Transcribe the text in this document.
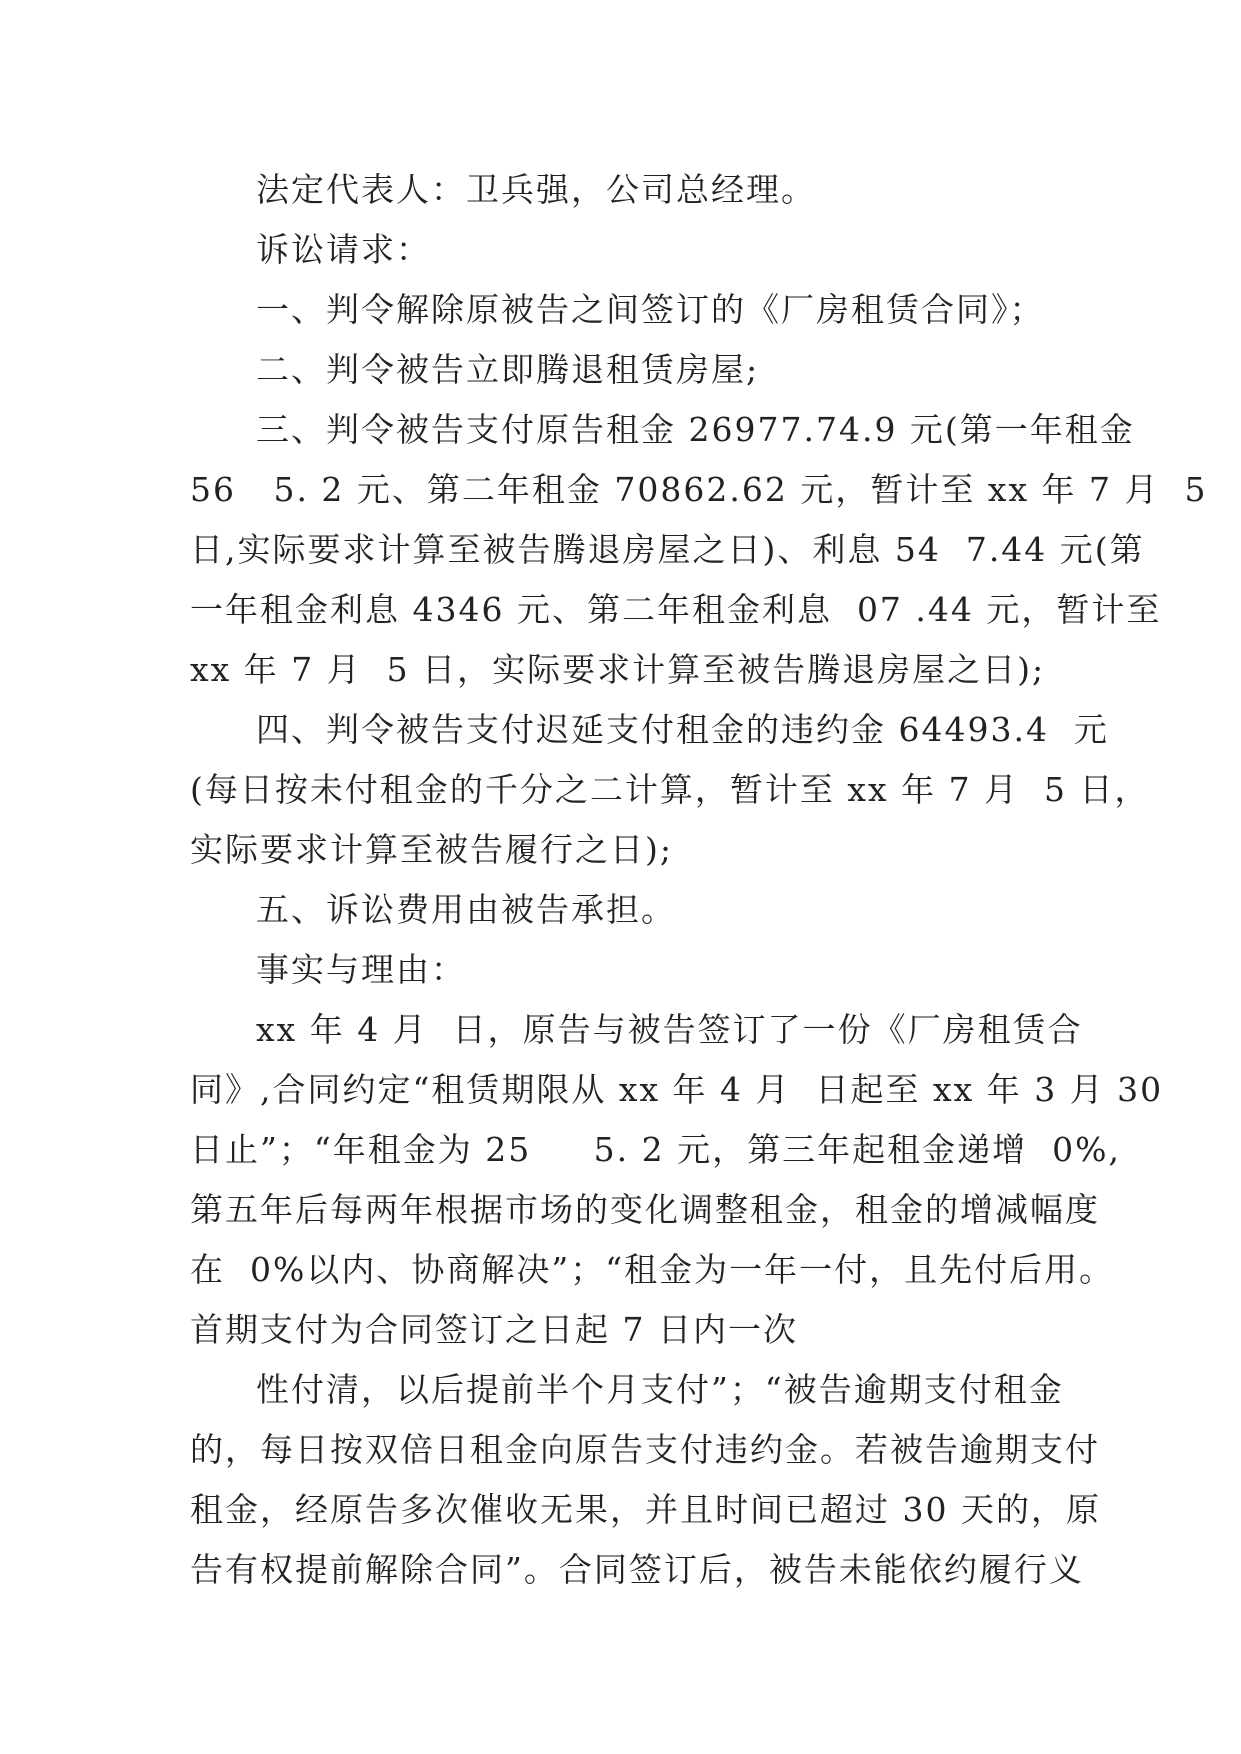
法定代表人：卫兵强，公司总经理。
诉讼请求：
一、判令解除原被告之间签订的《厂房租赁合同》；
二、判令被告立即腾退租赁房屋;
三、判令被告支付原告租金 26977.74.9 元(第一年租金
56   5. 2 元、第二年租金 70862.62 元，暂计至 xx 年 7 月  5
日,实际要求计算至被告腾退房屋之日)、利息 54  7.44 元(第
一年租金利息 4346 元、第二年租金利息  07 .44 元，暂计至
xx 年 7 月  5 日，实际要求计算至被告腾退房屋之日);
四、判令被告支付迟延支付租金的违约金 64493.4  元
(每日按未付租金的千分之二计算，暂计至 xx 年 7 月  5 日，
实际要求计算至被告履行之日);
五、诉讼费用由被告承担。
事实与理由：
xx 年 4 月  日，原告与被告签订了一份《厂房租赁合
同》,合同约定“租赁期限从 xx 年 4 月  日起至 xx 年 3 月 30
日止”；“年租金为 25     5. 2 元，第三年起租金递增  0%,
第五年后每两年根据市场的变化调整租金，租金的增减幅度
在  0%以内、协商解决”；“租金为一年一付，且先付后用。
首期支付为合同签订之日起 7 日内一次
性付清，以后提前半个月支付”；“被告逾期支付租金
的，每日按双倍日租金向原告支付违约金。若被告逾期支付
租金，经原告多次催收无果，并且时间已超过 30 天的，原
告有权提前解除合同”。合同签订后，被告未能依约履行义
